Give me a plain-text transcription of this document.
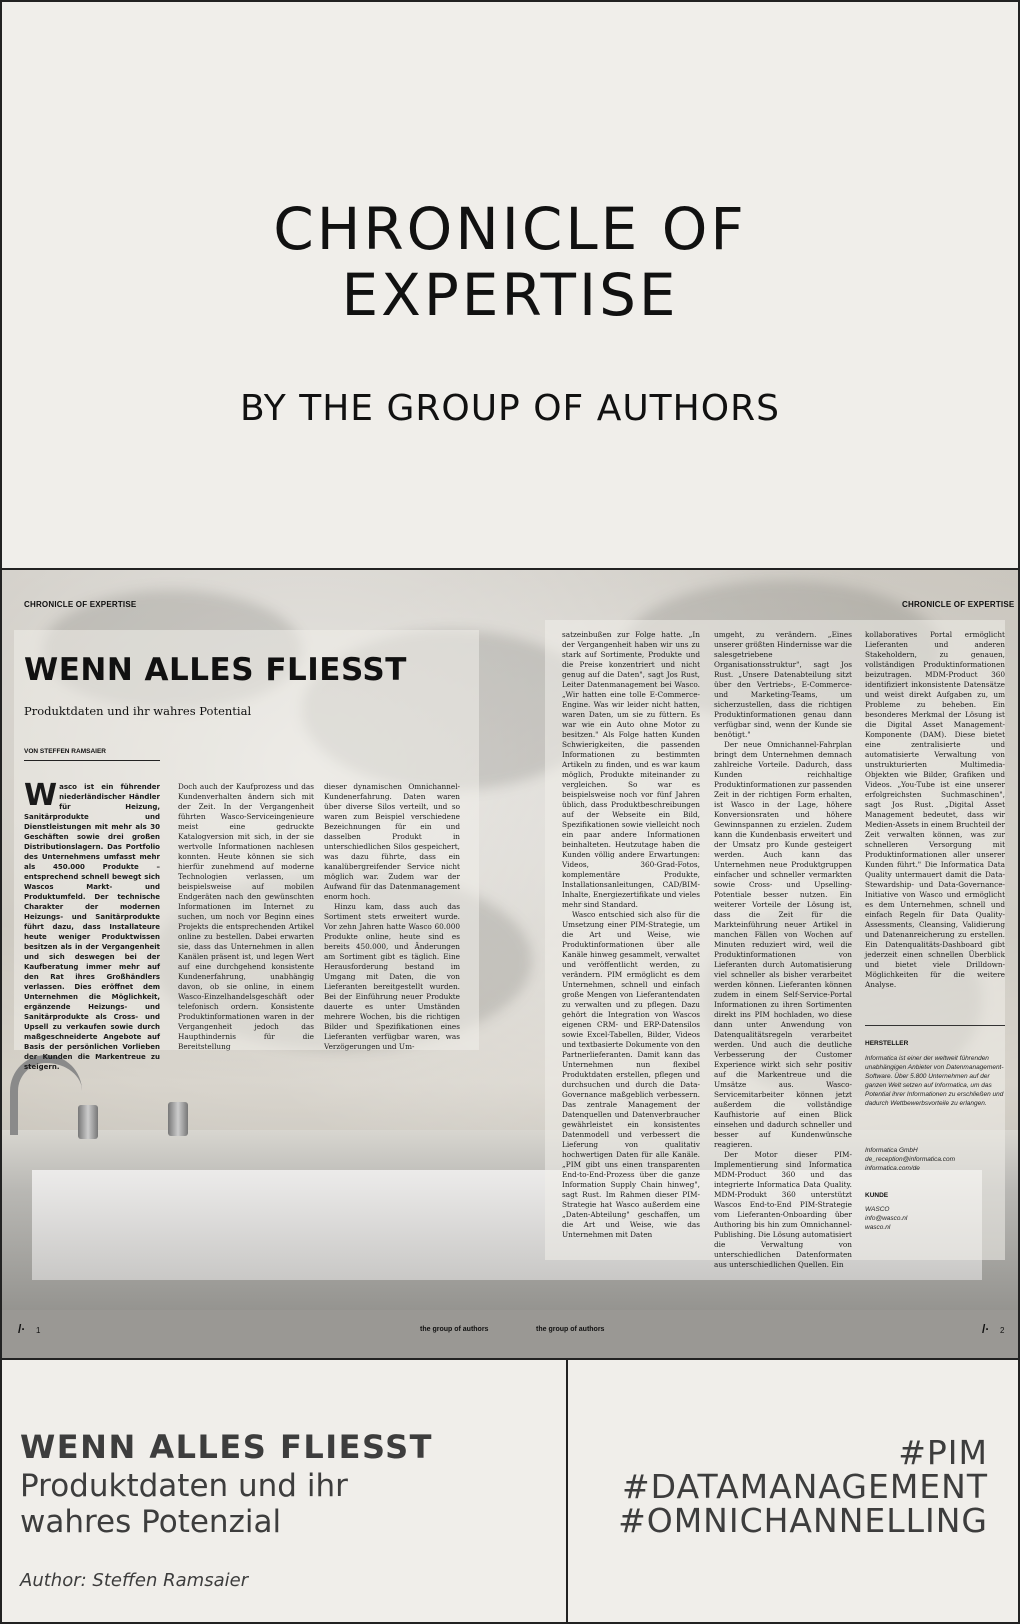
CHRONICLE OF
EXPERTISE
BY THE GROUP OF AUTHORS
CHRONICLE OF EXPERTISE	CHRONICLE OF EXPERTISE
WENN ALLES FLIESST
Produktdaten und ihr wahres Potential
VON STEFFEN RAMSAIER
Wasco ist ein führender niederländischer Händler für Heizung, Sanitärprodukte und Dienstleistungen mit mehr als 30 Geschäften sowie drei großen Distributionslagern. Das Portfolio des Unternehmens umfasst mehr als 450.000 Produkte – entsprechend schnell bewegt sich Wascos Markt- und Produktumfeld. Der technische Charakter der modernen Heizungs- und Sanitärprodukte führt dazu, dass Installateure heute weniger Produktwissen besitzen als in der Vergangenheit und sich deswegen bei der Kaufberatung immer mehr auf den Rat ihres Großhändlers verlassen. Dies eröffnet dem Unternehmen die Möglichkeit, ergänzende Heizungs- und Sanitärprodukte als Cross- und Upsell zu verkaufen sowie durch maßgeschneiderte Angebote auf Basis der persönlichen Vorlieben der Kunden die Markentreue zu steigern.

Doch auch der Kaufprozess und das Kundenverhalten ändern sich mit der Zeit. In der Vergangenheit führten Wasco-Serviceingenieure meist eine gedruckte Katalogversion mit sich, in der sie wertvolle Informationen nachlesen konnten. Heute können sie sich hierfür zunehmend auf moderne Technologien verlassen, um beispielsweise auf mobilen Endgeräten nach den gewünschten Informationen im Internet zu suchen, um noch vor Beginn eines Projekts die entsprechenden Artikel online zu bestellen. Dabei erwarten sie, dass das Unternehmen in allen Kanälen präsent ist, und legen Wert auf eine durchgehend konsistente Kundenerfahrung, unabhängig davon, ob sie online, in einem Wasco-Einzelhandelsgeschäft oder telefonisch ordern. Konsistente Produktinformationen waren in der Vergangenheit jedoch das Haupthindernis für die Bereitstellung

dieser dynamischen Omnichannel-Kundenerfahrung. Daten waren über diverse Silos verteilt, und so waren zum Beispiel verschiedene Bezeichnungen für ein und dasselben Produkt in unterschiedlichen Silos gespeichert, was dazu führte, dass ein kanalübergreifender Service nicht möglich war. Zudem war der Aufwand für das Datenmanagement enorm hoch.

Hinzu kam, dass auch das Sortiment stets erweitert wurde. Vor zehn Jahren hatte Wasco 60.000 Produkte online, heute sind es bereits 450.000, und Änderungen am Sortiment gibt es täglich. Eine Herausforderung bestand im Umgang mit Daten, die von Lieferanten bereitgestellt wurden. Bei der Einführung neuer Produkte dauerte es unter Umständen mehrere Wochen, bis die richtigen Bilder und Spezifikationen eines Lieferanten verfügbar waren, was Verzögerungen und Um-

satzeinbußen zur Folge hatte. „In der Vergangenheit haben wir uns zu stark auf Sortimente, Produkte und die Preise konzentriert und nicht genug auf die Daten", sagt Jos Rust, Leiter Datenmanagement bei Wasco. „Wir hatten eine tolle E-Commerce-Engine. Was wir leider nicht hatten, waren Daten, um sie zu füttern. Es war wie ein Auto ohne Motor zu besitzen." Als Folge hatten Kunden Schwierigkeiten, die passenden Informationen zu bestimmten Artikeln zu finden, und es war kaum möglich, Produkte miteinander zu vergleichen. So war es beispielsweise noch vor fünf Jahren üblich, dass Produktbeschreibungen auf der Webseite ein Bild, Spezifikationen sowie vielleicht noch ein paar andere Informationen beinhalteten. Heutzutage haben die Kunden völlig andere Erwartungen: Videos, 360-Grad-Fotos, komplementäre Produkte, Installationsanleitungen, CAD/BIM-Inhalte, Energiezertifikate und vieles mehr sind Standard.

Wasco entschied sich also für die Umsetzung einer PIM-Strategie, um die Art und Weise, wie Produktinformationen über alle Kanäle hinweg gesammelt, verwaltet und veröffentlicht werden, zu verändern. PIM ermöglicht es dem Unternehmen, schnell und einfach große Mengen von Lieferantendaten zu verwalten und zu pflegen. Dazu gehört die Integration von Wascos eigenen CRM- und ERP-Datensilos sowie Excel-Tabellen, Bilder, Videos und textbasierte Dokumente von den Partnerlieferanten. Damit kann das Unternehmen nun flexibel Produktdaten erstellen, pflegen und durchsuchen und durch die Data-Governance maßgeblich verbessern. Das zentrale Management der Datenquellen und Datenverbraucher gewährleistet ein konsistentes Datenmodell und verbessert die Lieferung von qualitativ hochwertigen Daten für alle Kanäle. „PIM gibt uns einen transparenten End-to-End-Prozess über die ganze Information Supply Chain hinweg", sagt Rust. Im Rahmen dieser PIM-Strategie hat Wasco außerdem eine „Daten-Abteilung" geschaffen, um die Art und Weise, wie das Unternehmen mit Daten

umgeht, zu verändern. „Eines unserer größten Hindernisse war die salesgetriebene Organisationsstruktur", sagt Jos Rust. „Unsere Datenabteilung sitzt über den Vertriebs-, E-Commerce- und Marketing-Teams, um sicherzustellen, dass die richtigen Produktinformationen genau dann verfügbar sind, wenn der Kunde sie benötigt."

Der neue Omnichannel-Fahrplan bringt dem Unternehmen demnach zahlreiche Vorteile. Dadurch, dass Kunden reichhaltige Produktinformationen zur passenden Zeit in der richtigen Form erhalten, ist Wasco in der Lage, höhere Konversionsraten und höhere Gewinnspannen zu erzielen. Zudem kann die Kundenbasis erweitert und der Umsatz pro Kunde gesteigert werden. Auch kann das Unternehmen neue Produktgruppen einfacher und schneller vermarkten sowie Cross- und Upselling-Potentiale besser nutzen. Ein weiterer Vorteile der Lösung ist, dass die Zeit für die Markteinführung neuer Artikel in manchen Fällen von Wochen auf Minuten reduziert wird, weil die Produktinformationen von Lieferanten durch Automatisierung viel schneller als bisher verarbeitet werden können. Lieferanten können zudem in einem Self-Service-Portal Informationen zu ihren Sortimenten direkt ins PIM hochladen, wo diese dann unter Anwendung von Datenqualitätsregeln verarbeitet werden. Und auch die deutliche Verbesserung der Customer Experience wirkt sich sehr positiv auf die Markentreue und die Umsätze aus. Wasco-Servicemitarbeiter können jetzt außerdem die vollständige Kaufhistorie auf einen Blick einsehen und dadurch schneller und besser auf Kundenwünsche reagieren.

Der Motor dieser PIM-Implementierung sind Informatica MDM-Product 360 und das integrierte Informatica Data Quality. MDM-Produkt 360 unterstützt Wascos End-to-End PIM-Strategie vom Lieferanten-Onboarding über Authoring bis hin zum Omnichannel-Publishing. Die Lösung automatisiert die Verwaltung von unterschiedlichen Datenformaten aus unterschiedlichen Quellen. Ein

kollaboratives Portal ermöglicht Lieferanten und anderen Stakeholdern, zu genauen, vollständigen Produktinformationen beizutragen. MDM-Product 360 identifiziert inkonsistente Datensätze und weist direkt Aufgaben zu, um Probleme zu beheben. Ein besonderes Merkmal der Lösung ist die Digital Asset Management-Komponente (DAM). Diese bietet eine zentralisierte und automatisierte Verwaltung von unstrukturierten Multimedia-Objekten wie Bilder, Grafiken und Videos. „You-Tube ist eine unserer erfolgreichsten Suchmaschinen", sagt Jos Rust. „Digital Asset Management bedeutet, dass wir Medien-Assets in einem Bruchteil der Zeit verwalten können, was zur schnelleren Versorgung mit Produktinformationen aller unserer Kunden führt." Die Informatica Data Quality untermauert damit die Data-Stewardship- und Data-Governance-Initiative von Wasco und ermöglicht es dem Unternehmen, schnell und einfach Regeln für Data Quality-Assessments, Cleansing, Validierung und Datenanreicherung zu erstellen. Ein Datenqualitäts-Dashboard gibt jederzeit einen schnellen Überblick und bietet viele Drilldown-Möglichkeiten für die weitere Analyse.

HERSTELLER
Informatica ist einer der weltweit führenden unabhängigen Anbieter von Datenmanagement-Software. Über 5.800 Unternehmen auf der ganzen Welt setzen auf Informatica, um das Potential ihrer Informationen zu erschließen und dadurch Wettbewerbsvorteile zu erlangen.
Informatica GmbH
de_reception@informatica.com
informatica.com/de
KUNDE
WASCO
info@wasco.nl
wasco.nl
/· 1	the group of authors	the group of authors	/· 2
WENN ALLES FLIESST
Produktdaten und ihr
wahres Potenzial
Author: Steffen Ramsaier
#PIM
#DATAMANAGEMENT
#OMNICHANNELLING
